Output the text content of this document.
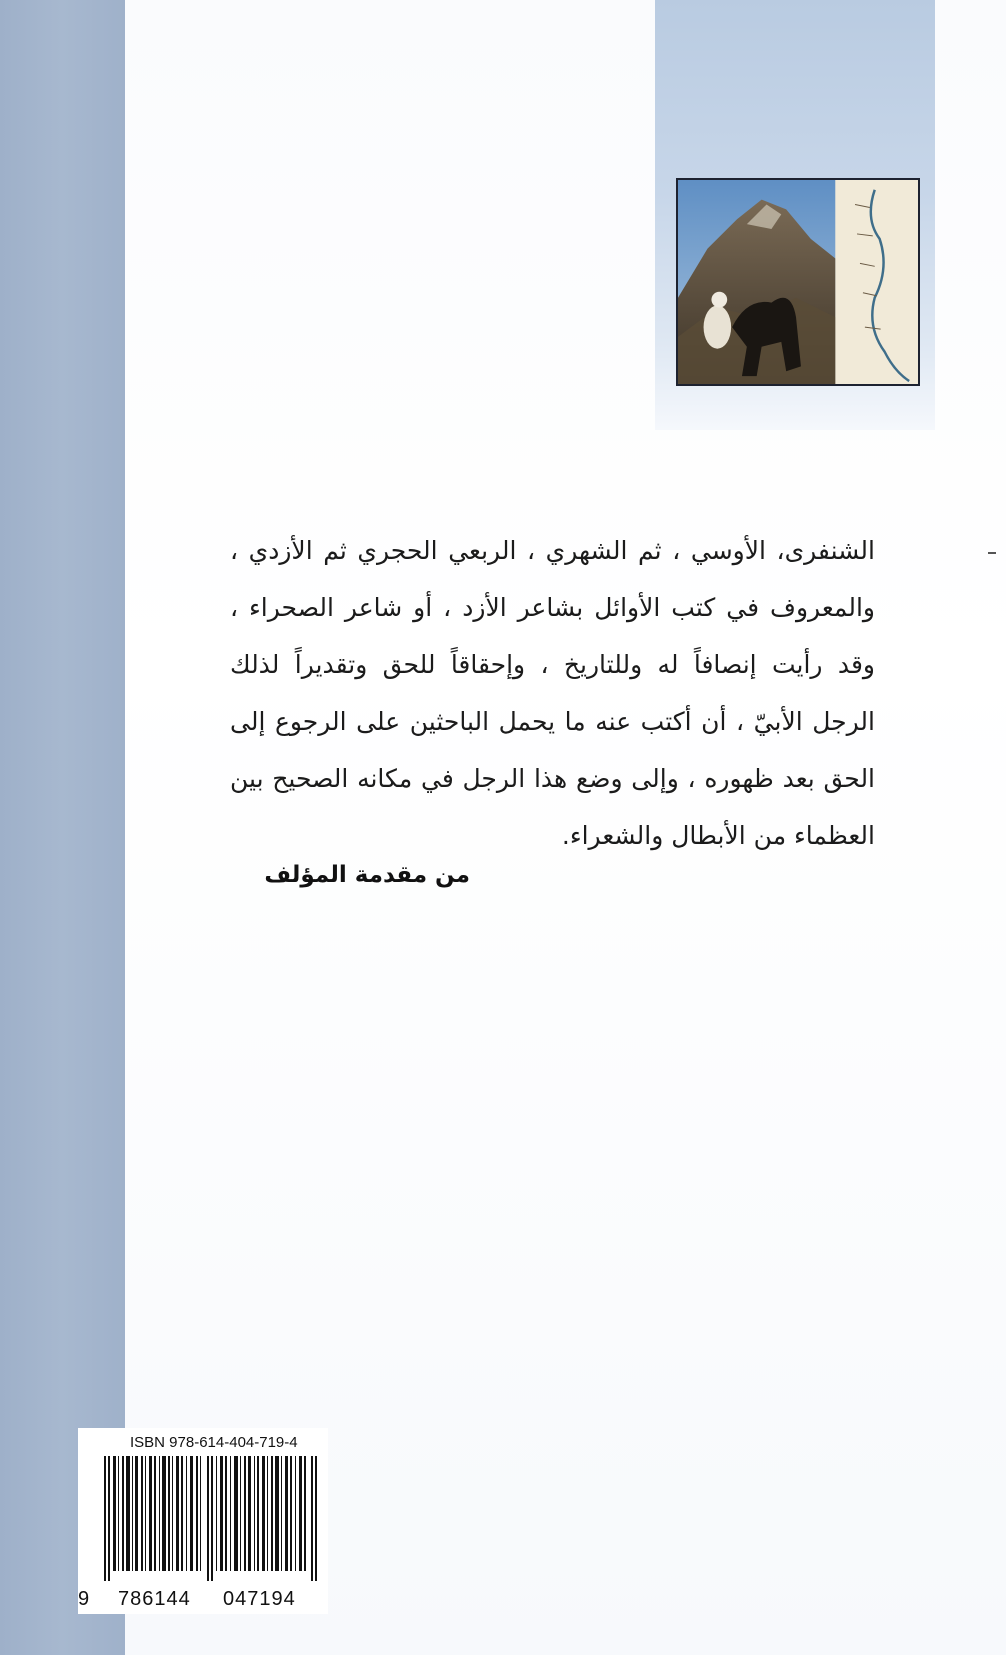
الشنفرى، الأوسي ، ثم الشهري ، الربعي الحجري ثم الأزدي ، والمعروف في كتب الأوائل بشاعر الأزد ، أو شاعر الصحراء ، وقد رأيت إنصافاً له وللتاريخ ، وإحقاقاً للحق وتقديراً لذلك الرجل الأبيّ ، أن أكتب عنه ما يحمل الباحثين على الرجوع إلى الحق بعد ظهوره ، وإلى وضع هذا الرجل في مكانه الصحيح بين العظماء من الأبطال والشعراء.
من مقدمة المؤلف
ISBN 978-614-404-719-4
9 786144 047194
